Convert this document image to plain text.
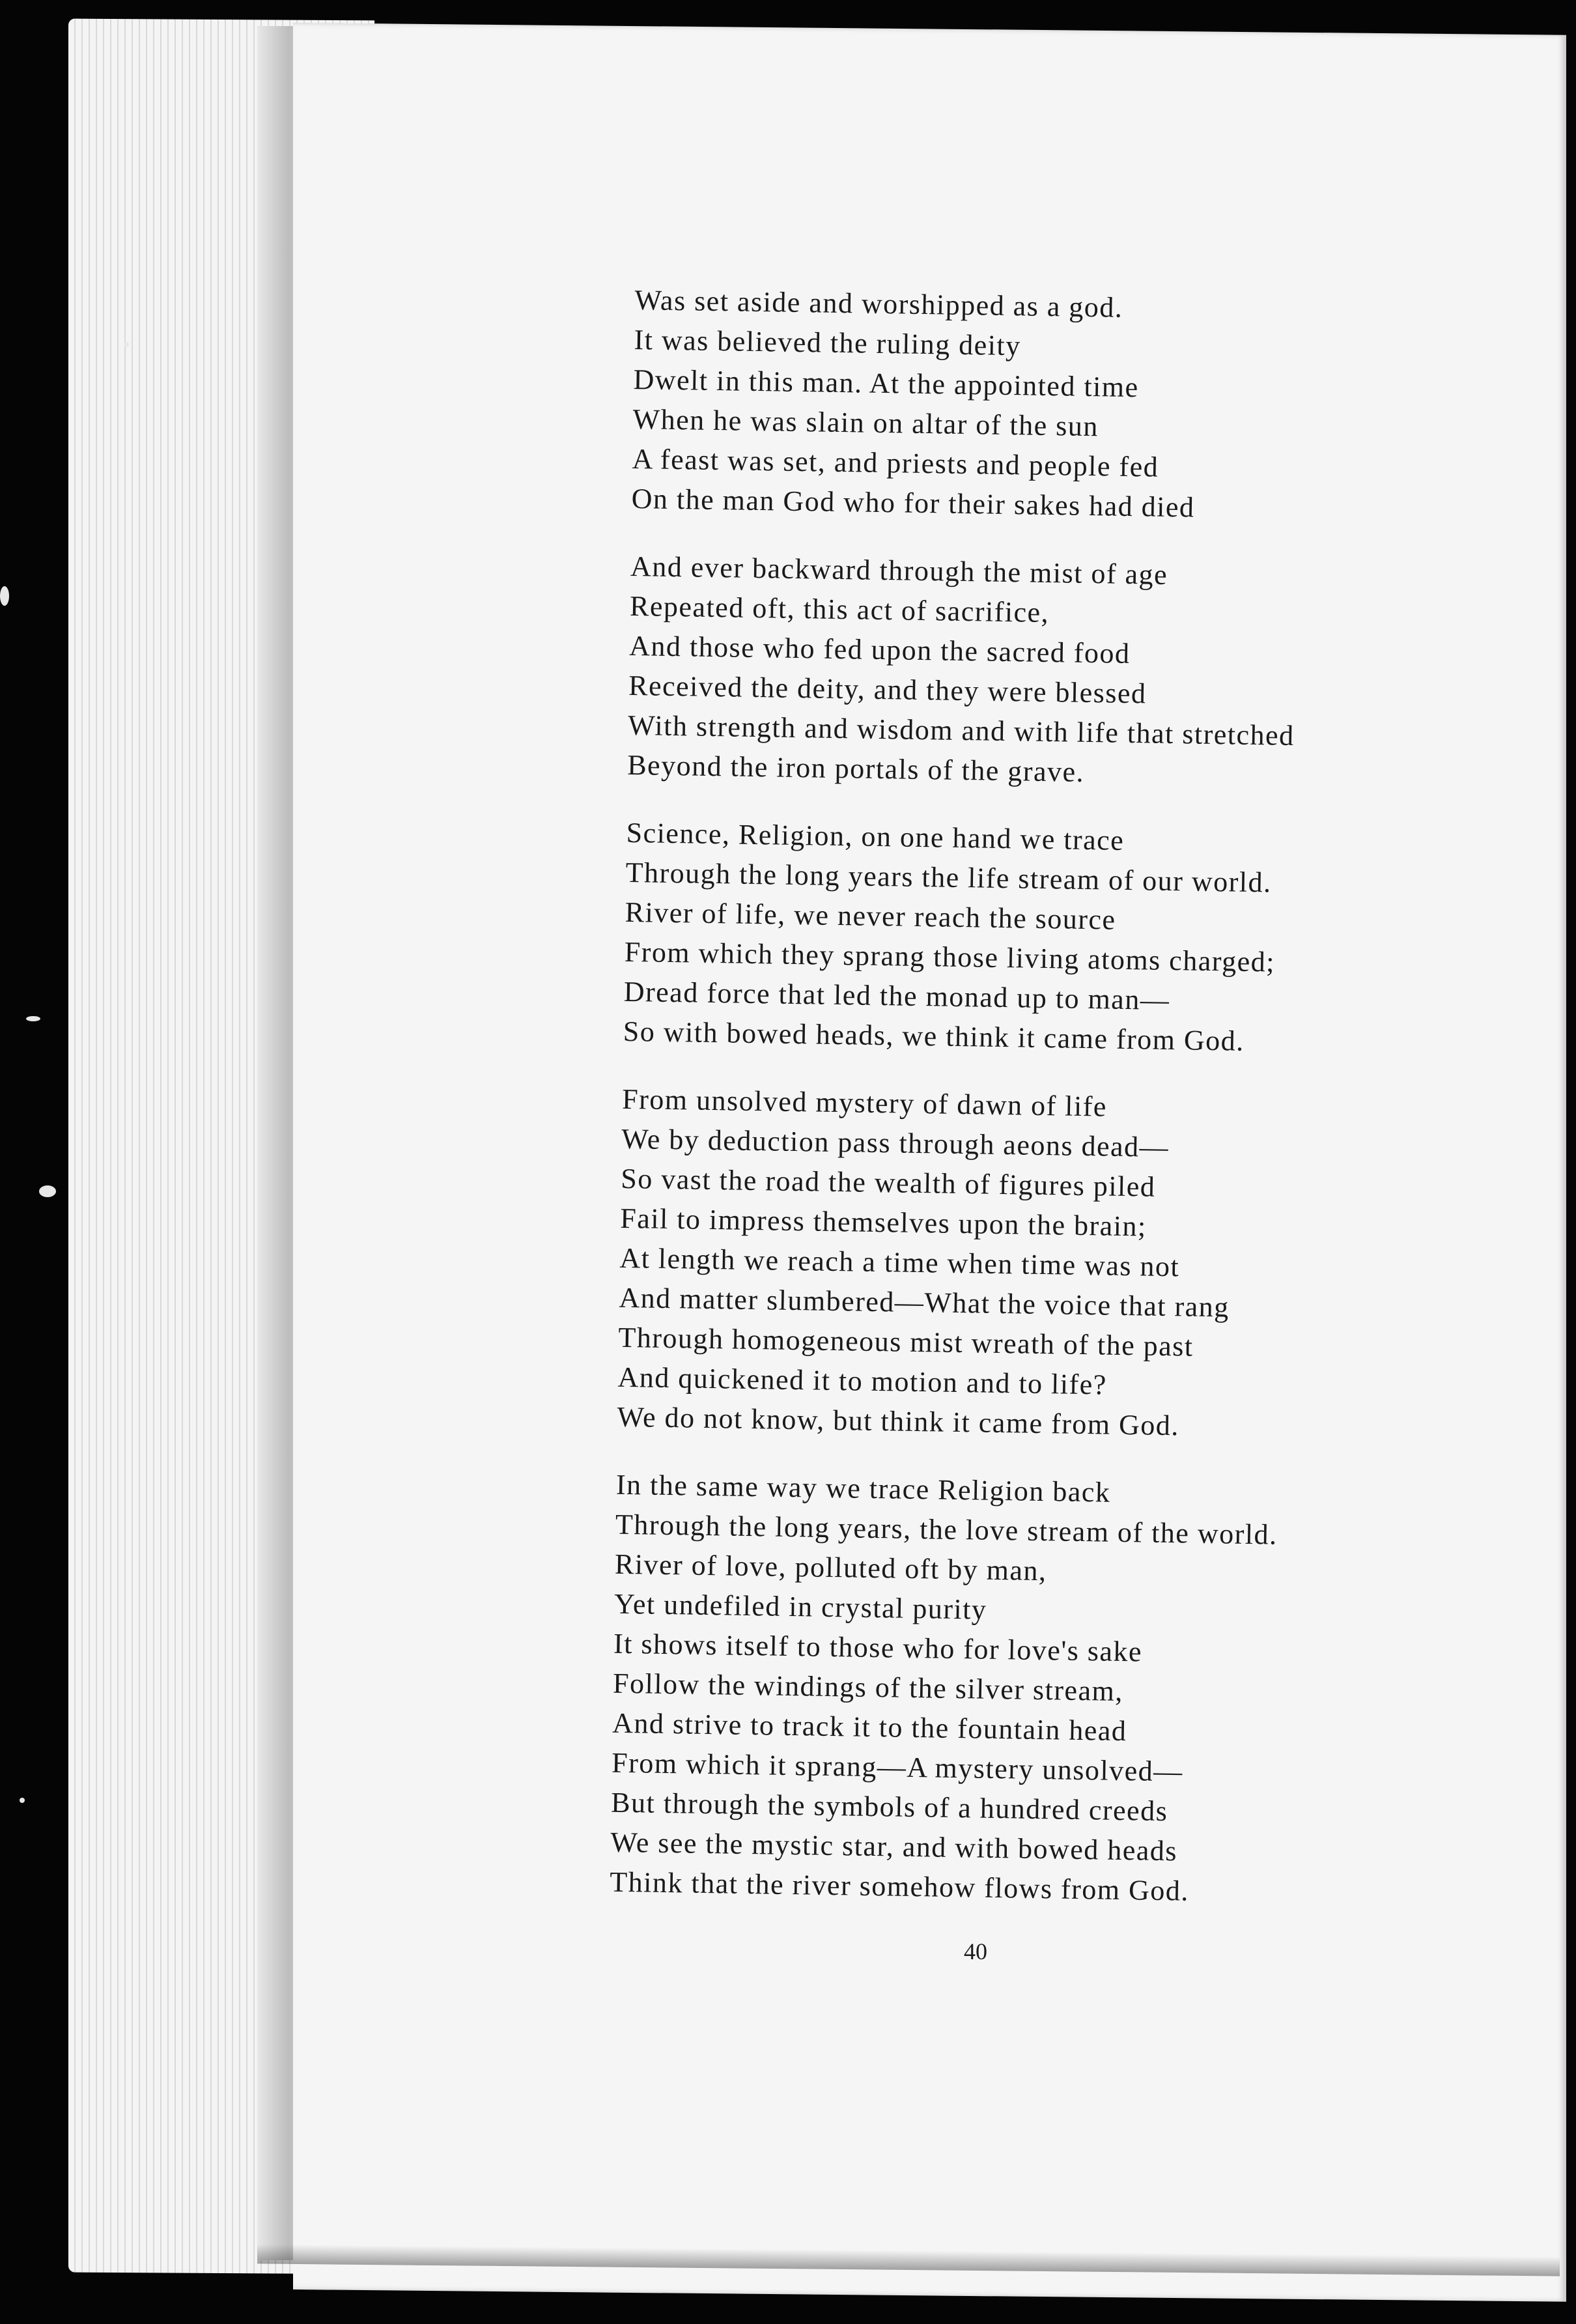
Was set aside and worshipped as a god.
It was believed the ruling deity
Dwelt in this man. At the appointed time
When he was slain on altar of the sun
A feast was set, and priests and people fed
On the man God who for their sakes had died
And ever backward through the mist of age
Repeated oft, this act of sacrifice,
And those who fed upon the sacred food
Received the deity, and they were blessed
With strength and wisdom and with life that stretched
Beyond the iron portals of the grave.
Science, Religion, on one hand we trace
Through the long years the life stream of our world.
River of life, we never reach the source
From which they sprang those living atoms charged;
Dread force that led the monad up to man—
So with bowed heads, we think it came from God.
From unsolved mystery of dawn of life
We by deduction pass through aeons dead—
So vast the road the wealth of figures piled
Fail to impress themselves upon the brain;
At length we reach a time when time was not
And matter slumbered—What the voice that rang
Through homogeneous mist wreath of the past
And quickened it to motion and to life?
We do not know, but think it came from God.
In the same way we trace Religion back
Through the long years, the love stream of the world.
River of love, polluted oft by man,
Yet undefiled in crystal purity
It shows itself to those who for love's sake
Follow the windings of the silver stream,
And strive to track it to the fountain head
From which it sprang—A mystery unsolved—
But through the symbols of a hundred creeds
We see the mystic star, and with bowed heads
Think that the river somehow flows from God.
40
